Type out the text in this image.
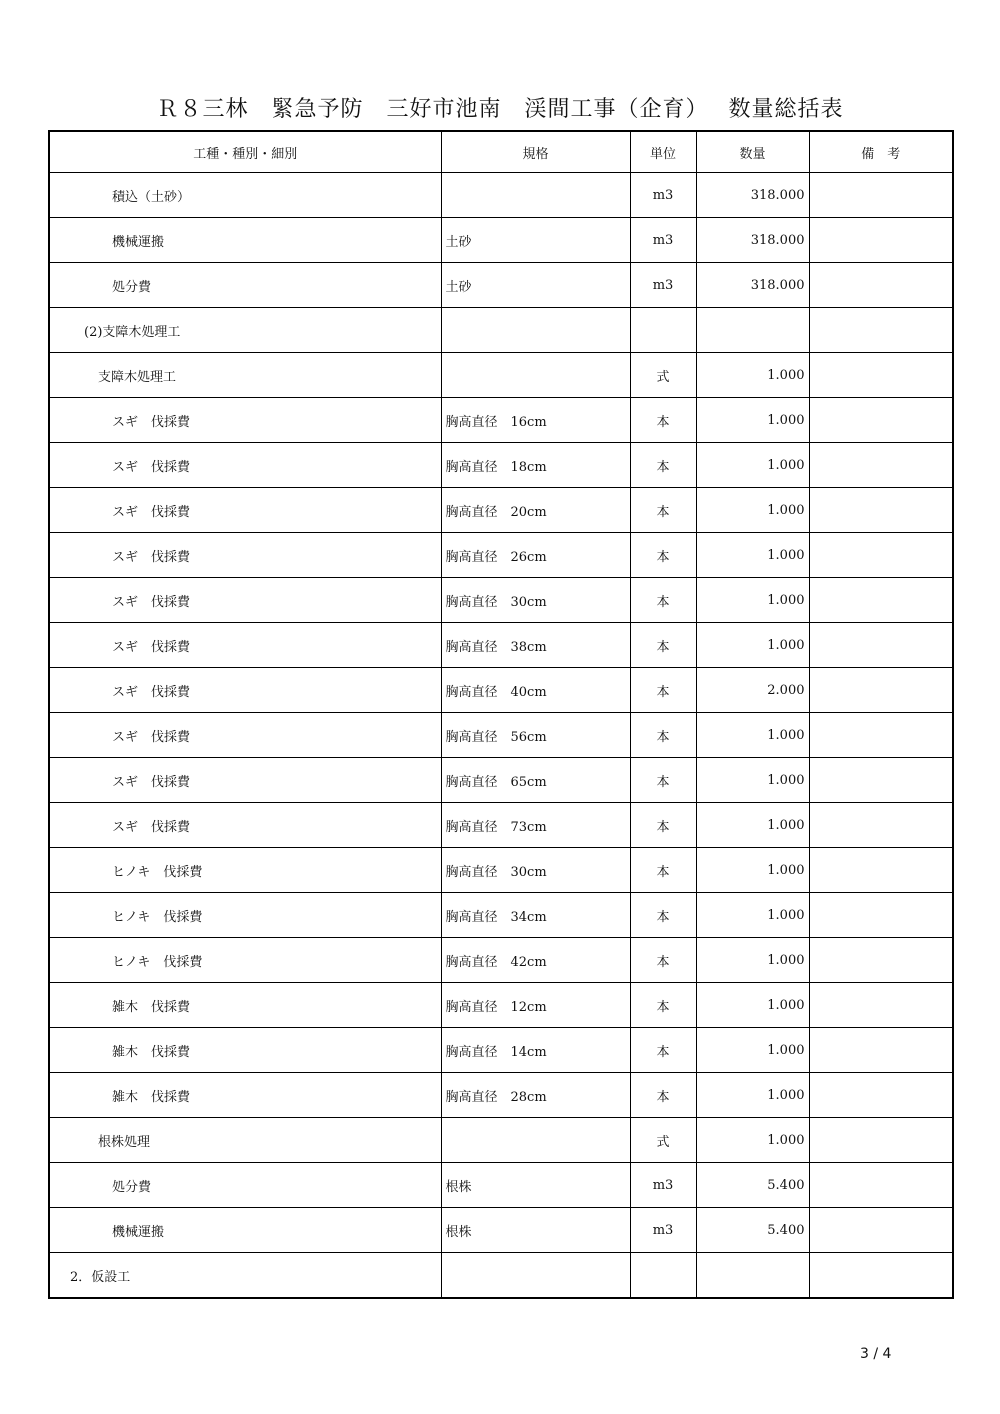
Ｒ８三林　緊急予防　三好市池南　渓間工事（企育）　 数量総括表
工種・種別・細別	規格	単位	数量	備　考
積込（土砂）		m3	318.000	
機械運搬	土砂	m3	318.000	
処分費	土砂	m3	318.000	
(2)支障木処理工				
支障木処理工		式	1.000	
スギ　伐採費	胸高直径　16cm	本	1.000	
スギ　伐採費	胸高直径　18cm	本	1.000	
スギ　伐採費	胸高直径　20cm	本	1.000	
スギ　伐採費	胸高直径　26cm	本	1.000	
スギ　伐採費	胸高直径　30cm	本	1.000	
スギ　伐採費	胸高直径　38cm	本	1.000	
スギ　伐採費	胸高直径　40cm	本	2.000	
スギ　伐採費	胸高直径　56cm	本	1.000	
スギ　伐採費	胸高直径　65cm	本	1.000	
スギ　伐採費	胸高直径　73cm	本	1.000	
ヒノキ　伐採費	胸高直径　30cm	本	1.000	
ヒノキ　伐採費	胸高直径　34cm	本	1.000	
ヒノキ　伐採費	胸高直径　42cm	本	1.000	
雑木　伐採費	胸高直径　12cm	本	1.000	
雑木　伐採費	胸高直径　14cm	本	1.000	
雑木　伐採費	胸高直径　28cm	本	1.000	
根株処理		式	1.000	
処分費	根株	m3	5.400	
機械運搬	根株	m3	5.400	
2．仮設工				
3 / 4
